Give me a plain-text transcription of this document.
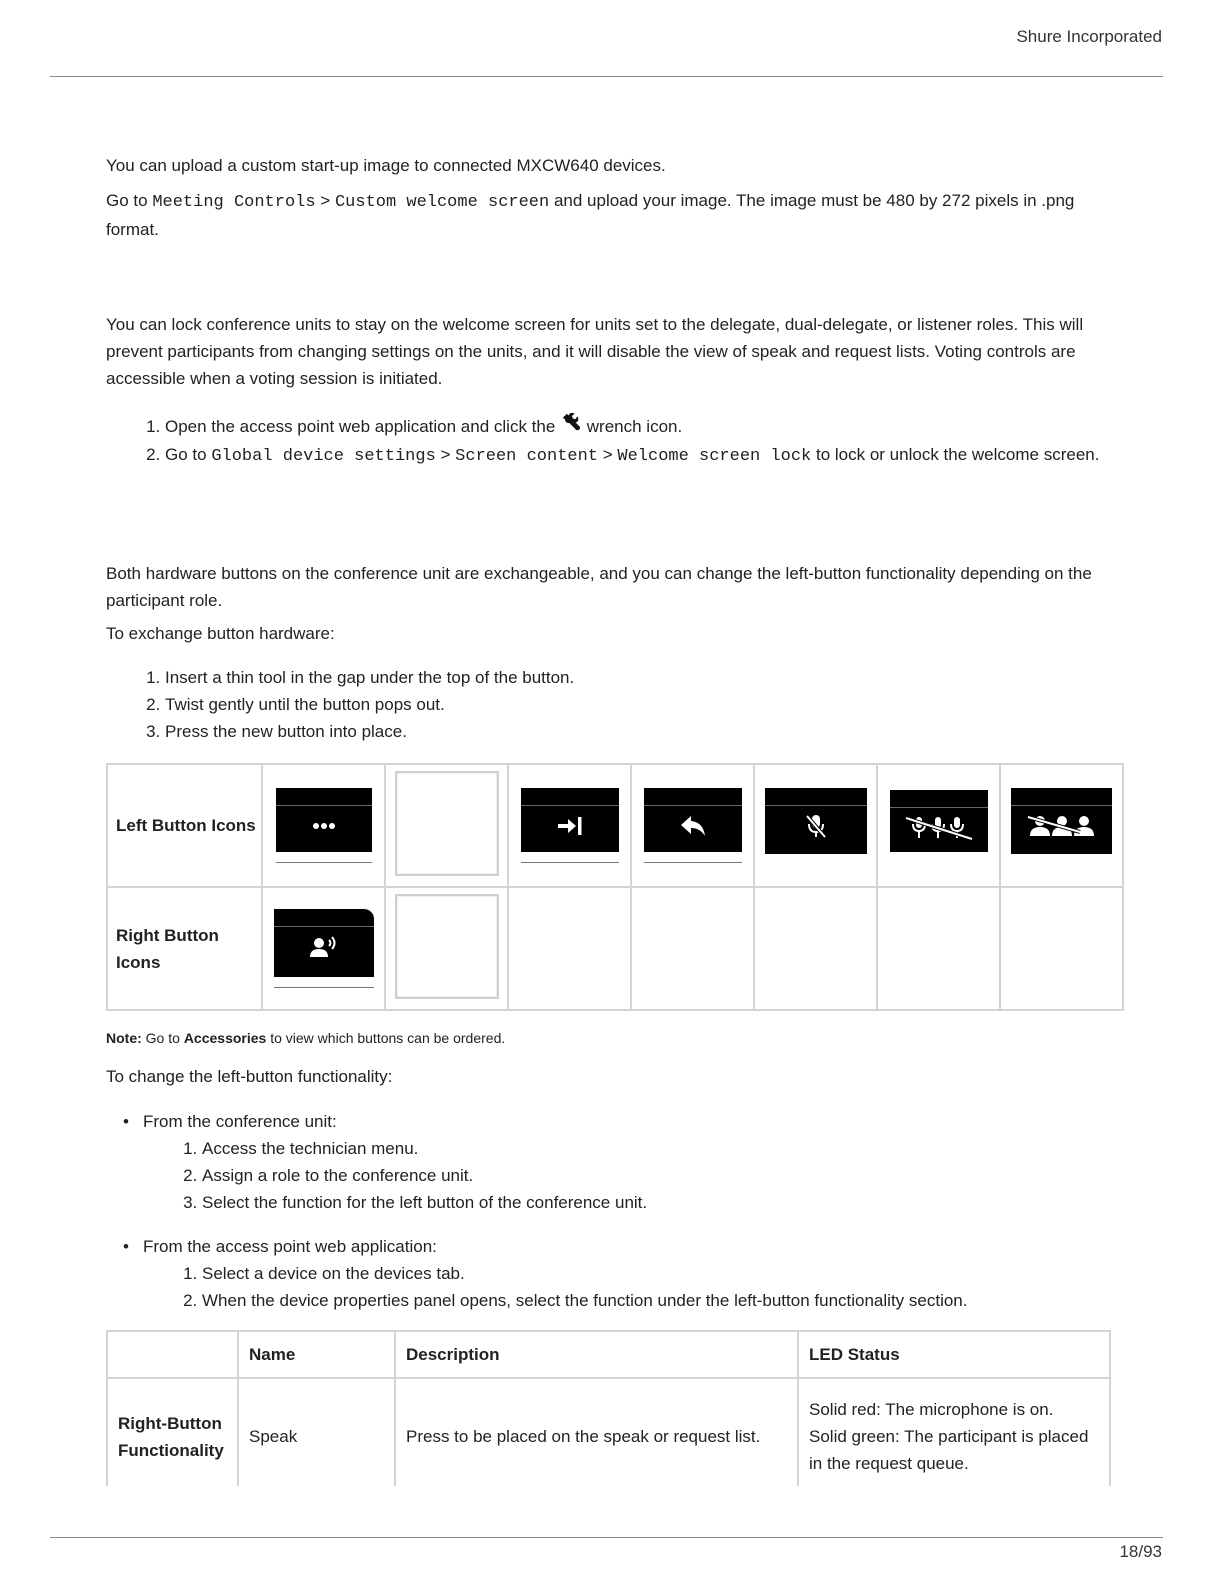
Shure Incorporated
You can upload a custom start-up image to connected MXCW640 devices.
Go to Meeting Controls > Custom welcome screen and upload your image. The image must be 480 by 272 pixels in .png format.
You can lock conference units to stay on the welcome screen for units set to the delegate, dual-delegate, or listener roles. This will prevent participants from changing settings on the units, and it will disable the view of speak and request lists. Voting controls are accessible when a voting session is initiated.
1. Open the access point web application and click the wrench icon.
2. Go to Global device settings > Screen content > Welcome screen lock to lock or unlock the welcome screen.
Both hardware buttons on the conference unit are exchangeable, and you can change the left-button functionality depending on the participant role.
To exchange button hardware:
1. Insert a thin tool in the gap under the top of the button.
2. Twist gently until the button pops out.
3. Press the new button into place.
Left Button Icons	

Right Button Icons	

Note: Go to Accessories to view which buttons can be ordered.
To change the left-button functionality:
• From the conference unit:
1. Access the technician menu.
2. Assign a role to the conference unit.
3. Select the function for the left button of the conference unit.
• From the access point web application:
1. Select a device on the devices tab.
2. When the device properties panel opens, select the function under the left-button functionality section.
	Name	Description	LED Status
Right-Button Functionality	Speak	Press to be placed on the speak or request list.	Solid red: The microphone is on.
Solid green: The participant is placed in the request queue.
18/93
